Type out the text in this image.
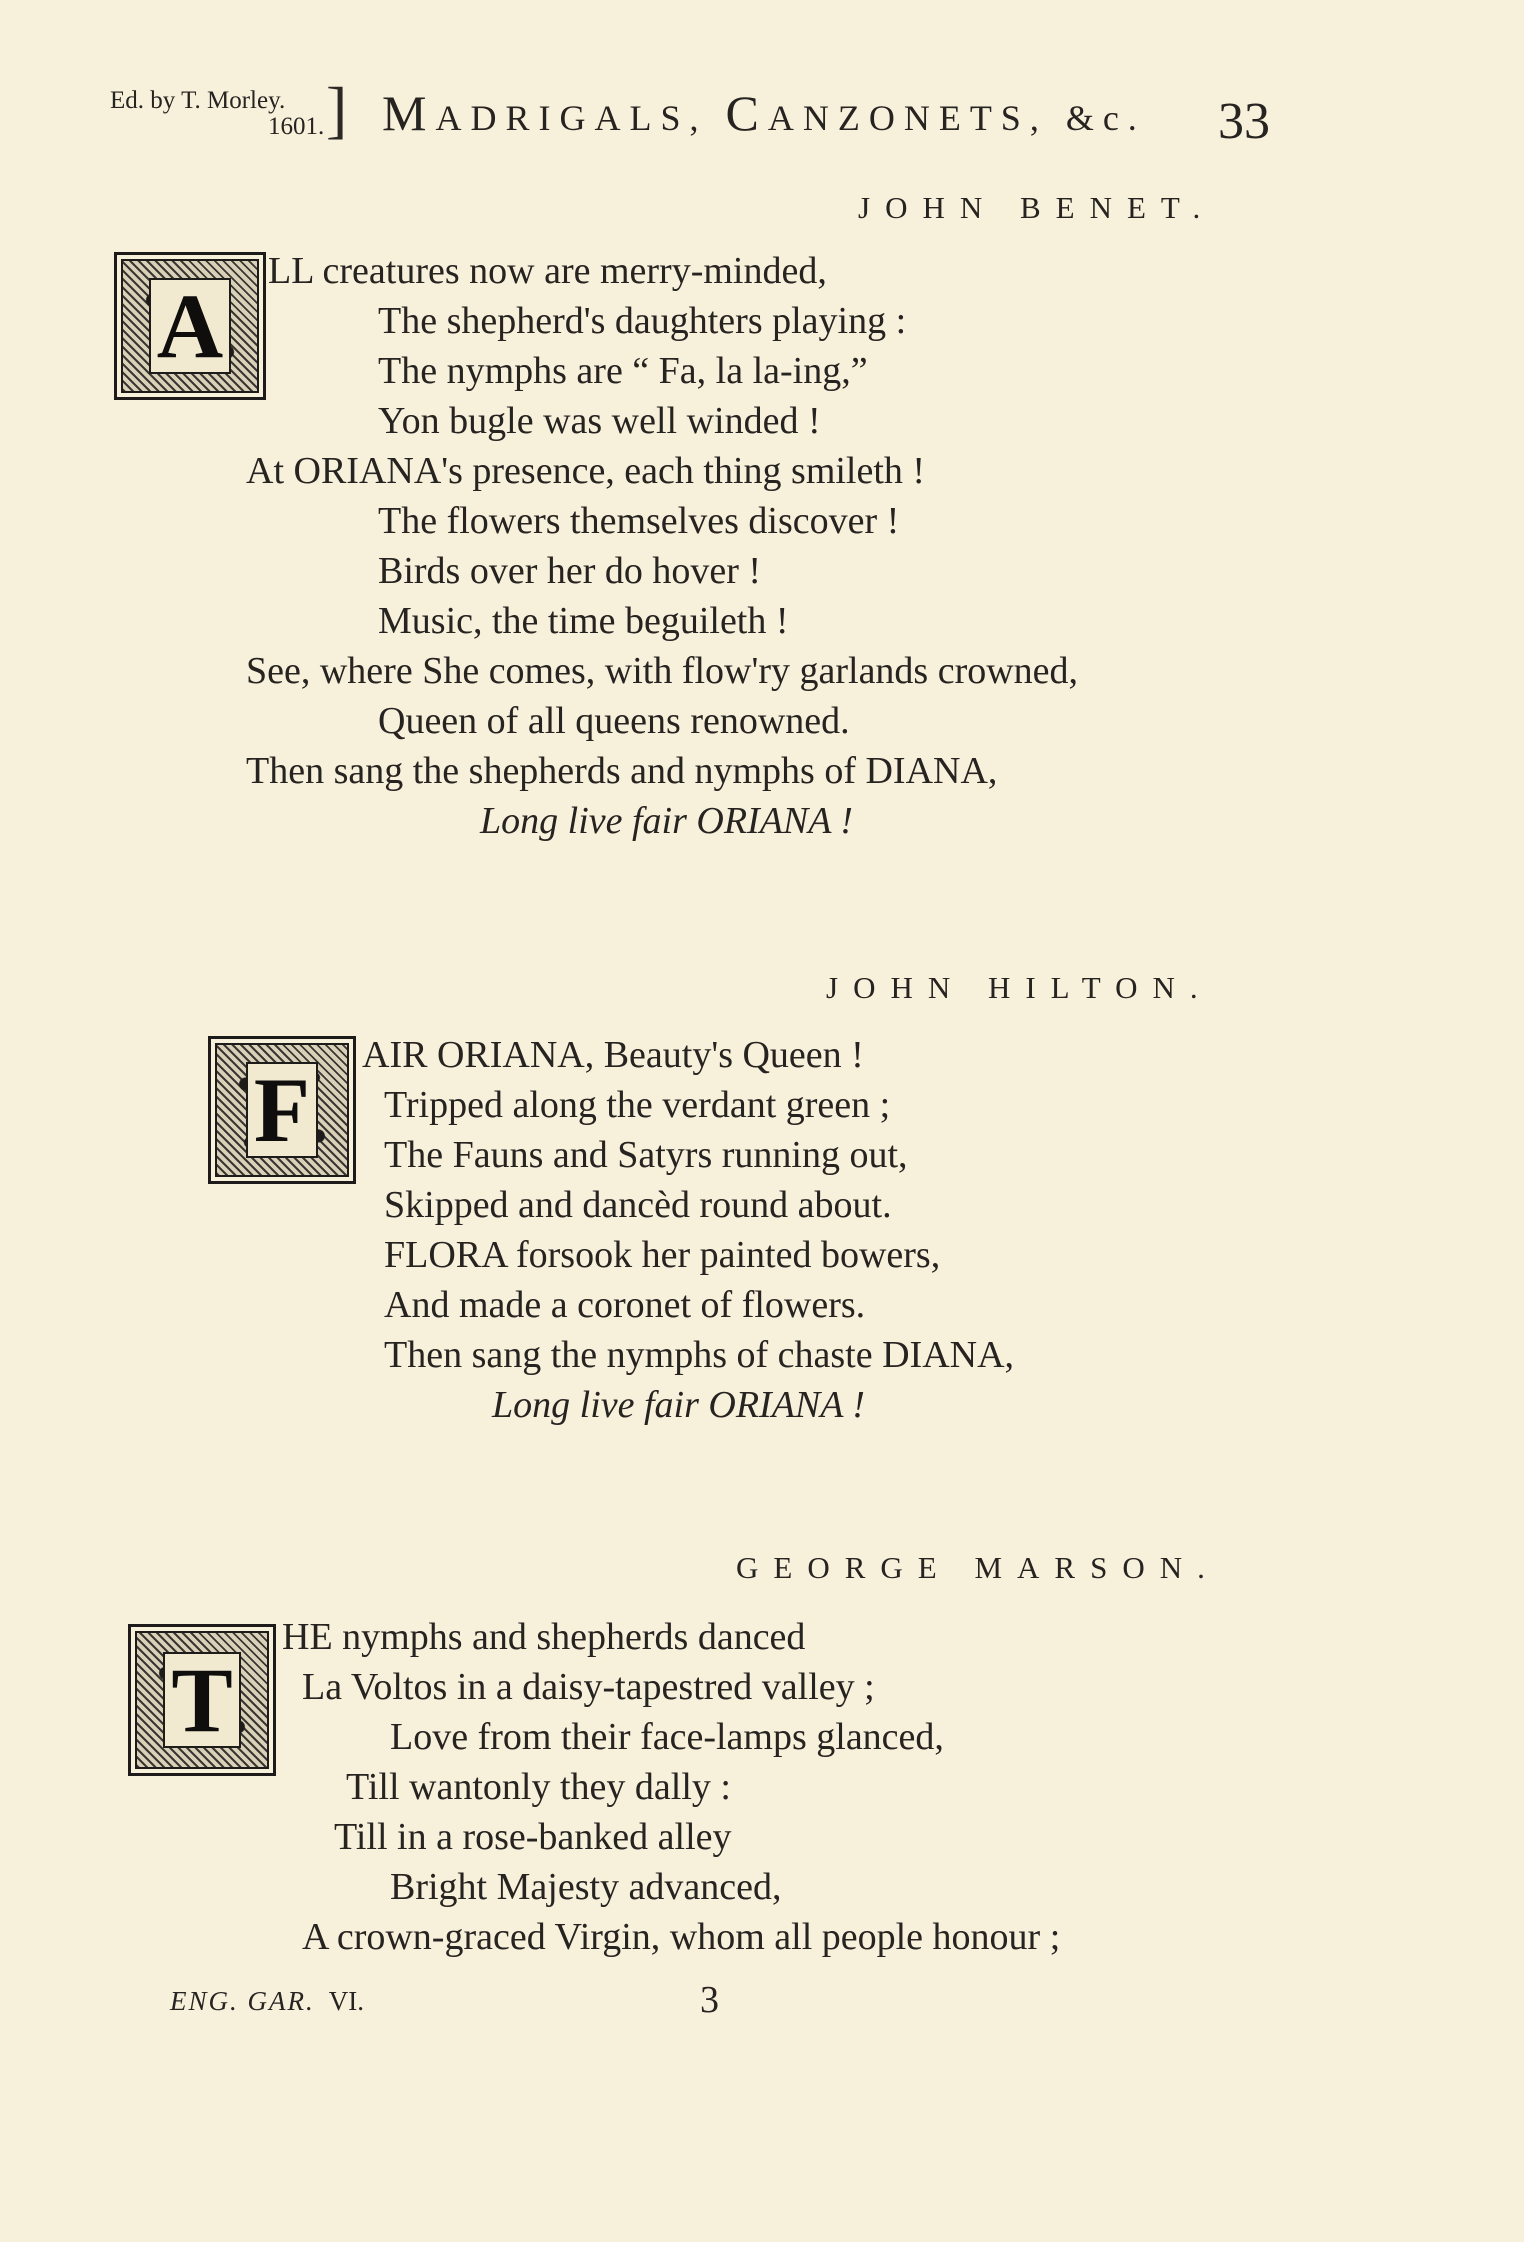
Ed. by T. Morley.
1601. ] MADRIGALS, CANZONETS, &c. 33
JOHN BENET.
A
LL creatures now are merry-minded,
The shepherd's daughters playing :
The nymphs are “ Fa, la la-ing,”
Yon bugle was well winded !
At ORIANA's presence, each thing smileth !
The flowers themselves discover !
Birds over her do hover !
Music, the time beguileth !
See, where She comes, with flow'ry garlands crowned,
Queen of all queens renowned.
Then sang the shepherds and nymphs of DIANA,
Long live fair ORIANA !
JOHN HILTON.
F
AIR ORIANA, Beauty's Queen !
Tripped along the verdant green ;
The Fauns and Satyrs running out,
Skipped and dancèd round about.
FLORA forsook her painted bowers,
And made a coronet of flowers.
Then sang the nymphs of chaste DIANA,
Long live fair ORIANA !
GEORGE MARSON.
T
HE nymphs and shepherds danced
La Voltos in a daisy-tapestred valley ;
Love from their face-lamps glanced,
Till wantonly they dally :
Till in a rose-banked alley
Bright Majesty advanced,
A crown-graced Virgin, whom all people honour ;
ENG. GAR. VI.	3
